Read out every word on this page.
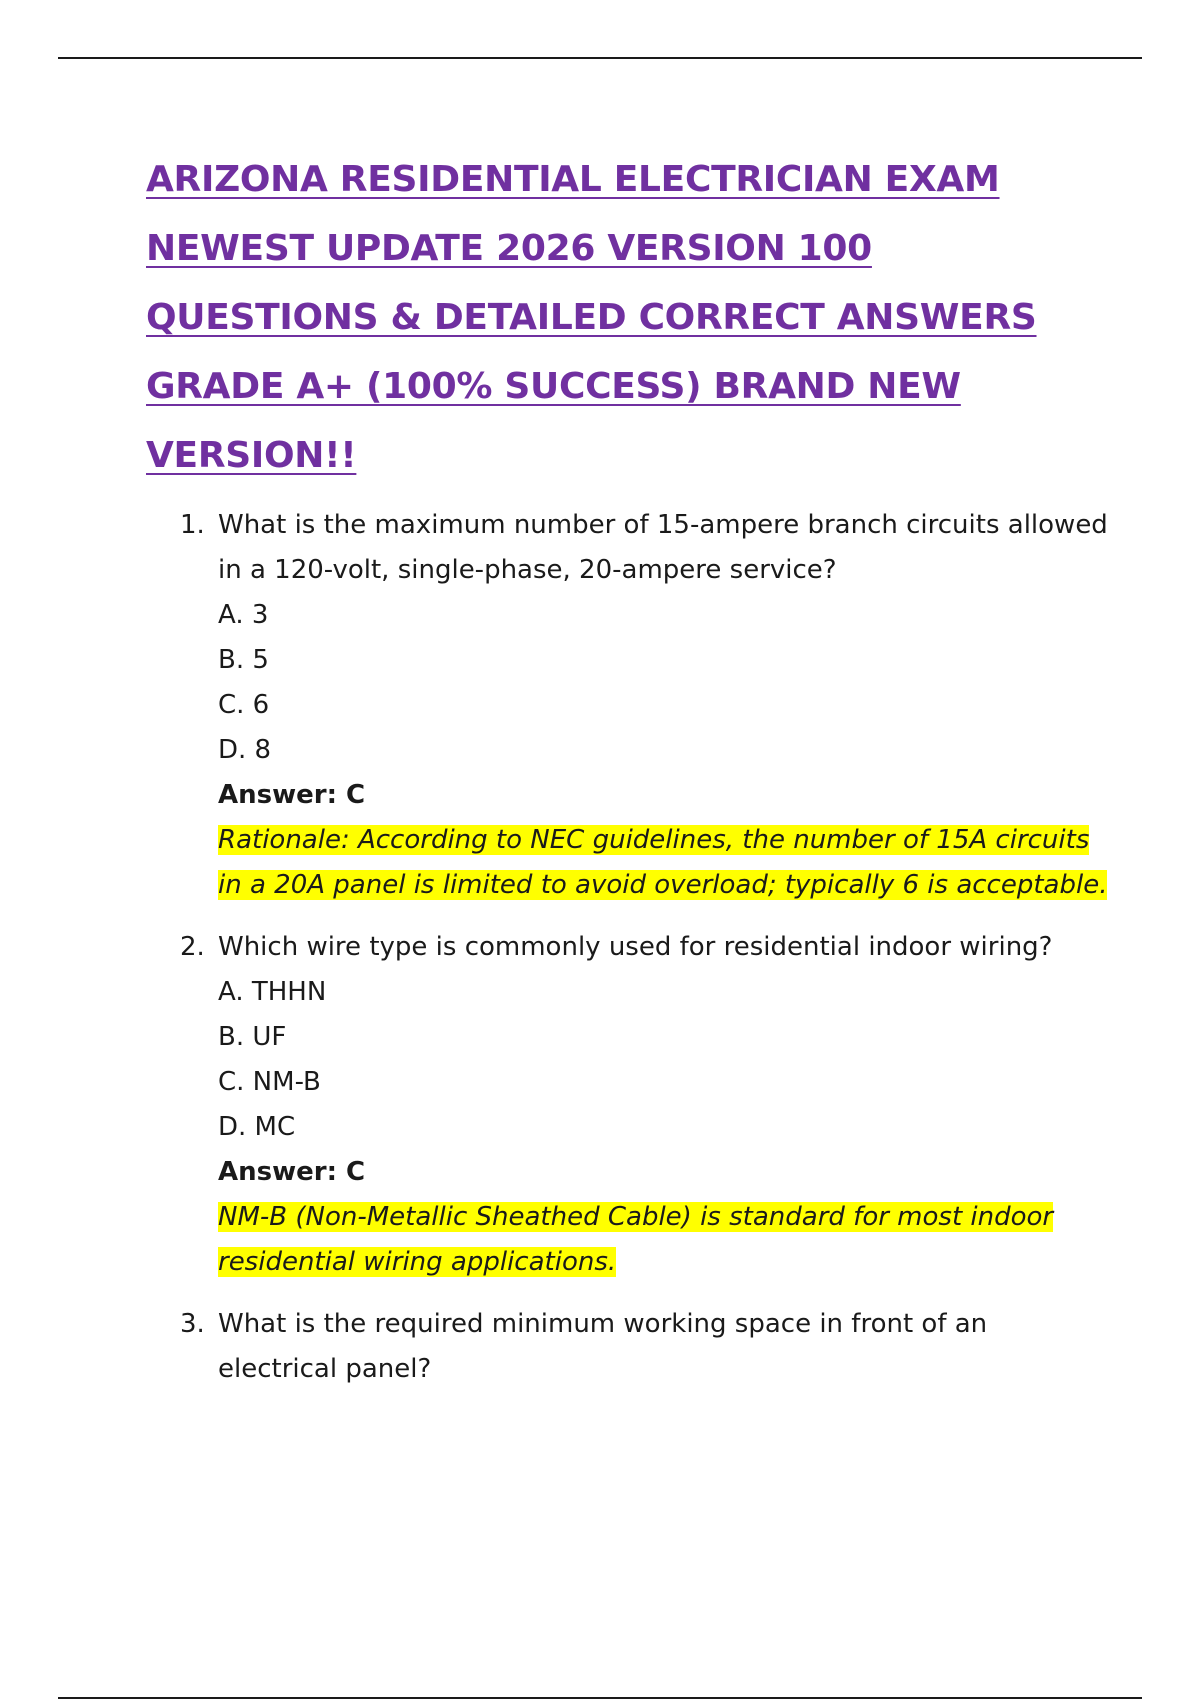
ARIZONA RESIDENTIAL ELECTRICIAN EXAM
NEWEST UPDATE 2026 VERSION 100
QUESTIONS & DETAILED CORRECT ANSWERS
GRADE A+ (100% SUCCESS) BRAND NEW
VERSION!!
1. What is the maximum number of 15-ampere branch circuits allowed in a 120-volt, single-phase, 20-ampere service?
A. 3
B. 5
C. 6
D. 8
Answer: C
Rationale: According to NEC guidelines, the number of 15A circuits in a 20A panel is limited to avoid overload; typically 6 is acceptable.
2. Which wire type is commonly used for residential indoor wiring?
A. THHN
B. UF
C. NM-B
D. MC
Answer: C
NM-B (Non-Metallic Sheathed Cable) is standard for most indoor residential wiring applications.
3. What is the required minimum working space in front of an electrical panel?
